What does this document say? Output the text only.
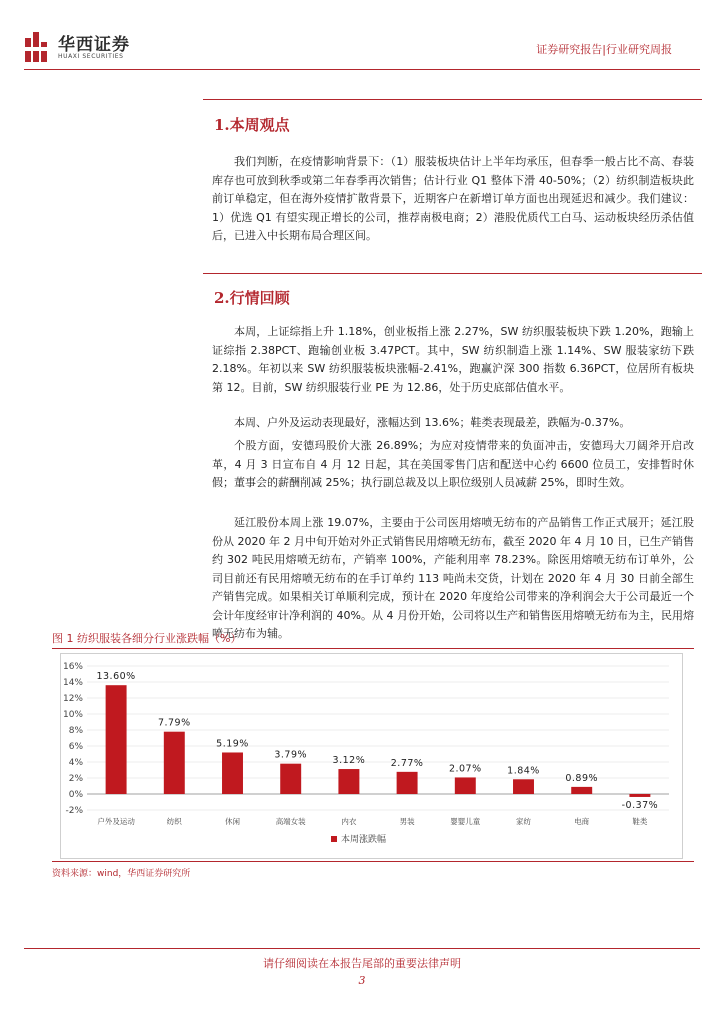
华西证券
HUAXI SECURITIES
证券研究报告|行业研究周报
1.本周观点

我们判断，在疫情影响背景下：（1）服装板块估计上半年均承压，但春季一般占比不高、春装库存也可放到秋季或第二年春季再次销售；估计行业 Q1 整体下滑 40-50%；（2）纺织制造板块此前订单稳定，但在海外疫情扩散背景下，近期客户在新增订单方面也出现延迟和减少。我们建议：1）优选 Q1 有望实现正增长的公司，推荐南极电商；2）港股优质代工白马、运动板块经历杀估值后，已进入中长期布局合理区间。

2.行情回顾

本周，上证综指上升 1.18%，创业板指上涨 2.27%，SW 纺织服装板块下跌 1.20%，跑输上证综指 2.38PCT、跑输创业板 3.47PCT。其中，SW 纺织制造上涨 1.14%、SW 服装家纺下跌 2.18%。年初以来 SW 纺织服装板块涨幅-2.41%，跑赢沪深 300 指数 6.36PCT，位居所有板块第 12。目前，SW 纺织服装行业 PE 为 12.86，处于历史底部估值水平。

本周、户外及运动表现最好，涨幅达到 13.6%；鞋类表现最差，跌幅为-0.37%。

个股方面，安德玛股价大涨 26.89%；为应对疫情带来的负面冲击，安德玛大刀阔斧开启改革，4 月 3 日宣布自 4 月 12 日起，其在美国零售门店和配送中心约 6600 位员工，安排暂时休假；董事会的薪酬削减 25%；执行副总裁及以上职位级别人员减薪 25%，即时生效。

延江股份本周上涨 19.07%，主要由于公司医用熔喷无纺布的产品销售工作正式展开；延江股份从 2020 年 2 月中旬开始对外正式销售民用熔喷无纺布，截至 2020 年 4 月 10 日，已生产销售约 302 吨民用熔喷无纺布，产销率 100%，产能利用率 78.23%。除医用熔喷无纺布订单外，公司目前还有民用熔喷无纺布的在手订单约 113 吨尚未交货，计划在 2020 年 4 月 30 日前全部生产销售完成。如果相关订单顺利完成，预计在 2020 年度给公司带来的净利润会大于公司最近一个会计年度经审计净利润的 40%。从 4 月份开始，公司将以生产和销售医用熔喷无纺布为主，民用熔喷无纺布为辅。

图 1 纺织服装各细分行业涨跌幅（%）
-2%
0%
2%
4%
6%
8%
10%
12%
14%
16%
13.60%
户外及运动
7.79%
纺织
5.19%
休闲
3.79%
高端女装
3.12%
内衣
2.77%
男装
2.07%
婴婴儿童
1.84%
家纺
0.89%
电商
-0.37%
鞋类
本周涨跌幅
资料来源：wind，华西证券研究所
请仔细阅读在本报告尾部的重要法律声明
3
